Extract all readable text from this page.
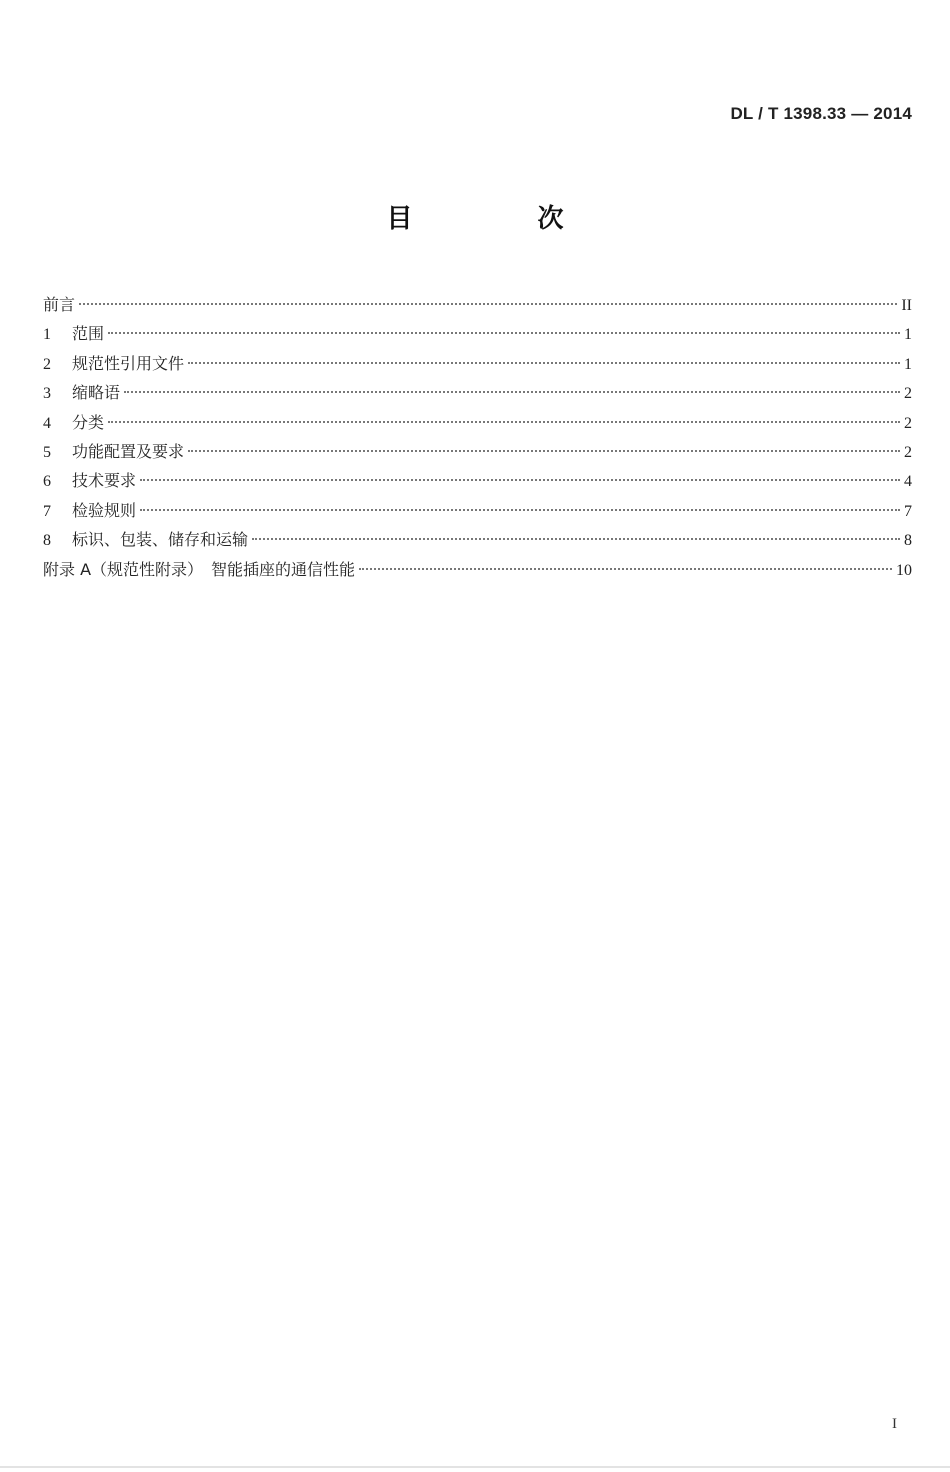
DL / T 1398.33 — 2014
目 次
前言	II
1	范围	1
2	规范性引用文件	1
3	缩略语	2
4	分类	2
5	功能配置及要求	2
6	技术要求	4
7	检验规则	7
8	标识、包装、储存和运输	8
附录 A（规范性附录）　智能插座的通信性能	10
I
